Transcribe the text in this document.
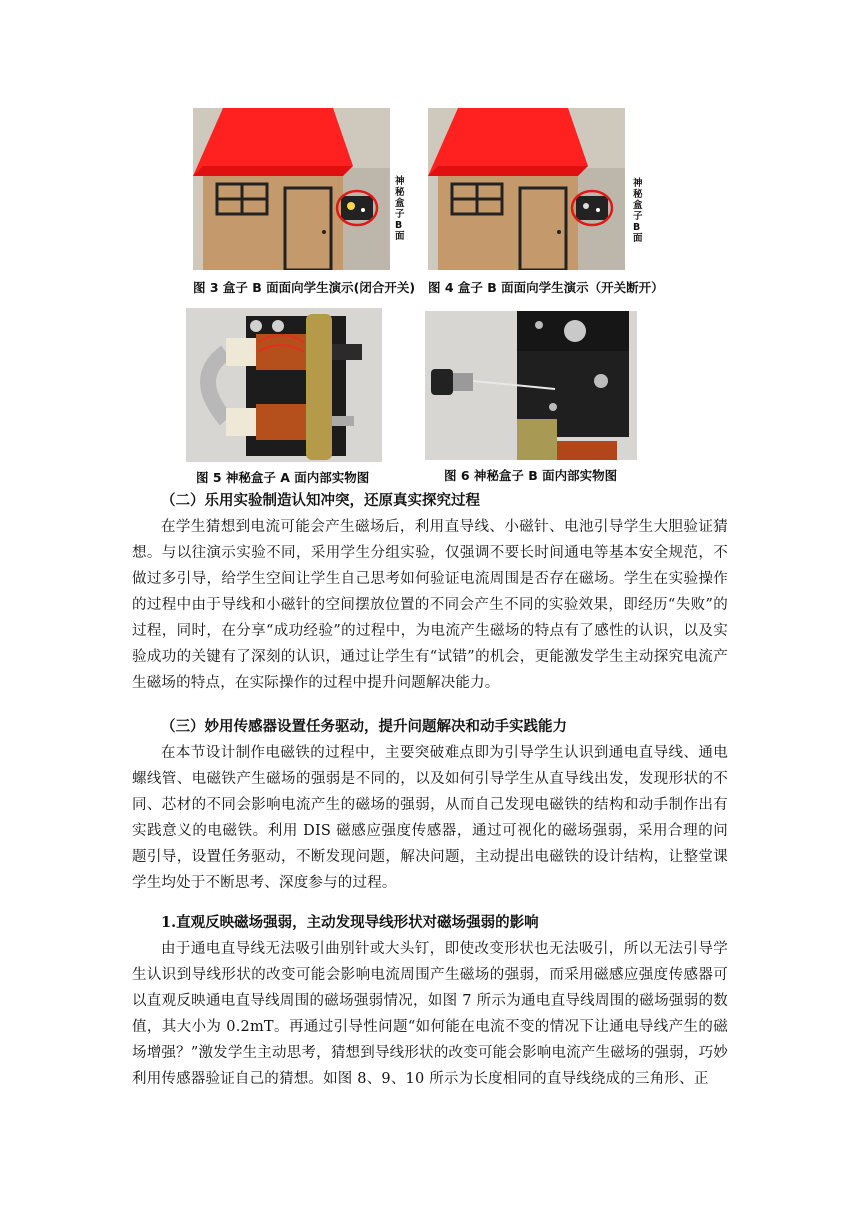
神秘盒子B面
神秘盒子B面
图 3 盒子 B 面面向学生演示(闭合开关) 图 4 盒子 B 面面向学生演示（开关断开）
图 5 神秘盒子 A 面内部实物图	图 6 神秘盒子 B 面内部实物图

（二）乐用实验制造认知冲突，还原真实探究过程

在学生猜想到电流可能会产生磁场后，利用直导线、小磁针、电池引导学生大胆验证猜想。与以往演示实验不同，采用学生分组实验，仅强调不要长时间通电等基本安全规范，不做过多引导，给学生空间让学生自己思考如何验证电流周围是否存在磁场。学生在实验操作的过程中由于导线和小磁针的空间摆放位置的不同会产生不同的实验效果，即经历“失败”的过程，同时，在分享“成功经验”的过程中，为电流产生磁场的特点有了感性的认识，以及实验成功的关键有了深刻的认识，通过让学生有“试错”的机会，更能激发学生主动探究电流产生磁场的特点，在实际操作的过程中提升问题解决能力。

（三）妙用传感器设置任务驱动，提升问题解决和动手实践能力

在本节设计制作电磁铁的过程中，主要突破难点即为引导学生认识到通电直导线、通电螺线管、电磁铁产生磁场的强弱是不同的，以及如何引导学生从直导线出发，发现形状的不同、芯材的不同会影响电流产生的磁场的强弱，从而自己发现电磁铁的结构和动手制作出有实践意义的电磁铁。利用 DIS 磁感应强度传感器，通过可视化的磁场强弱，采用合理的问题引导，设置任务驱动，不断发现问题，解决问题，主动提出电磁铁的设计结构，让整堂课学生均处于不断思考、深度参与的过程。

1.直观反映磁场强弱，主动发现导线形状对磁场强弱的影响

由于通电直导线无法吸引曲别针或大头钉，即使改变形状也无法吸引，所以无法引导学生认识到导线形状的改变可能会影响电流周围产生磁场的强弱，而采用磁感应强度传感器可以直观反映通电直导线周围的磁场强弱情况，如图 7 所示为通电直导线周围的磁场强弱的数值，其大小为 0.2mT。再通过引导性问题“如何能在电流不变的情况下让通电导线产生的磁场增强？”激发学生主动思考，猜想到导线形状的改变可能会影响电流产生磁场的强弱，巧妙利用传感器验证自己的猜想。如图 8、9、10 所示为长度相同的直导线绕成的三角形、正
